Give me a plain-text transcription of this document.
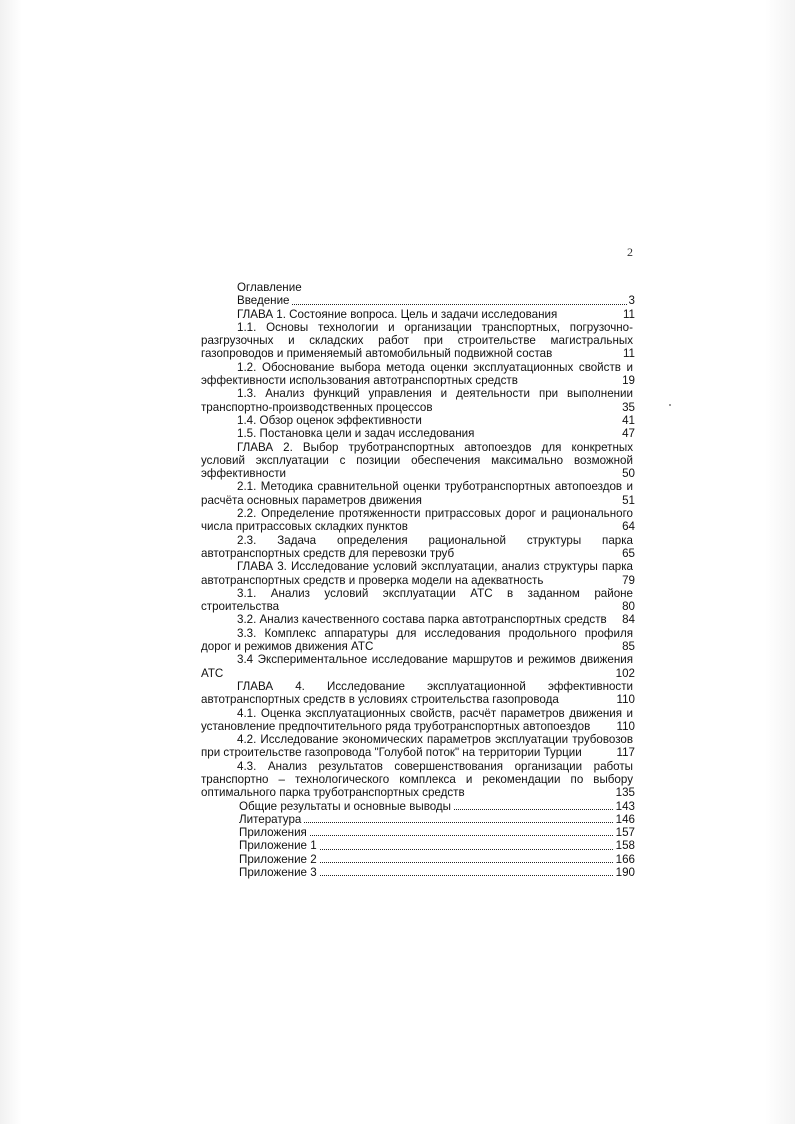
2
Оглавление
Введение	3
ГЛАВА 1. Состояние вопроса. Цель и задачи исследования	11
1.1. Основы технологии и организации транспортных, погрузочно-разгрузочных и складских работ при строительстве магистральных газопроводов и применяемый автомобильный подвижной состав	11
1.2. Обоснование выбора метода оценки эксплуатационных свойств и эффективности использования автотранспортных средств	19
1.3. Анализ функций управления и деятельности при выполнении транспортно-производственных процессов	35
1.4. Обзор оценок эффективности	41
1.5. Постановка цели и задач исследования	47
ГЛАВА 2. Выбор труботранспортных автопоездов для конкретных условий эксплуатации с позиции обеспечения максимально возможной эффективности	50
2.1. Методика сравнительной оценки труботранспортных автопоездов и расчёта основных параметров движения	51
2.2. Определение протяженности притрассовых дорог и рационального числа притрассовых складких пунктов	64
2.3. Задача определения рациональной структуры парка автотранспортных средств для перевозки труб	65
ГЛАВА 3. Исследование условий эксплуатации, анализ структуры парка автотранспортных средств и проверка модели на адекватность	79
3.1. Анализ условий эксплуатации АТС в заданном районе строительства	80
3.2. Анализ качественного состава парка автотранспортных средств	84
3.3. Комплекс аппаратуры для исследования продольного профиля дорог и режимов движения АТС	85
3.4 Экспериментальное исследование маршрутов и режимов движения АТС	102
ГЛАВА 4. Исследование эксплуатационной эффективности автотранспортных средств в условиях строительства газопровода	110
4.1. Оценка эксплуатационных свойств, расчёт параметров движения и установление предпочтительного ряда труботранспортных автопоездов	110
4.2. Исследование экономических параметров эксплуатации трубовозов при строительстве газопровода "Голубой поток" на территории Турции	117
4.3. Анализ результатов совершенствования организации работы транспортно – технологического комплекса и рекомендации по выбору оптимального парка труботранспортных средств	135
Общие результаты и основные выводы	143
Литература	146
Приложения	157
Приложение 1	158
Приложение 2	166
Приложение 3	190
